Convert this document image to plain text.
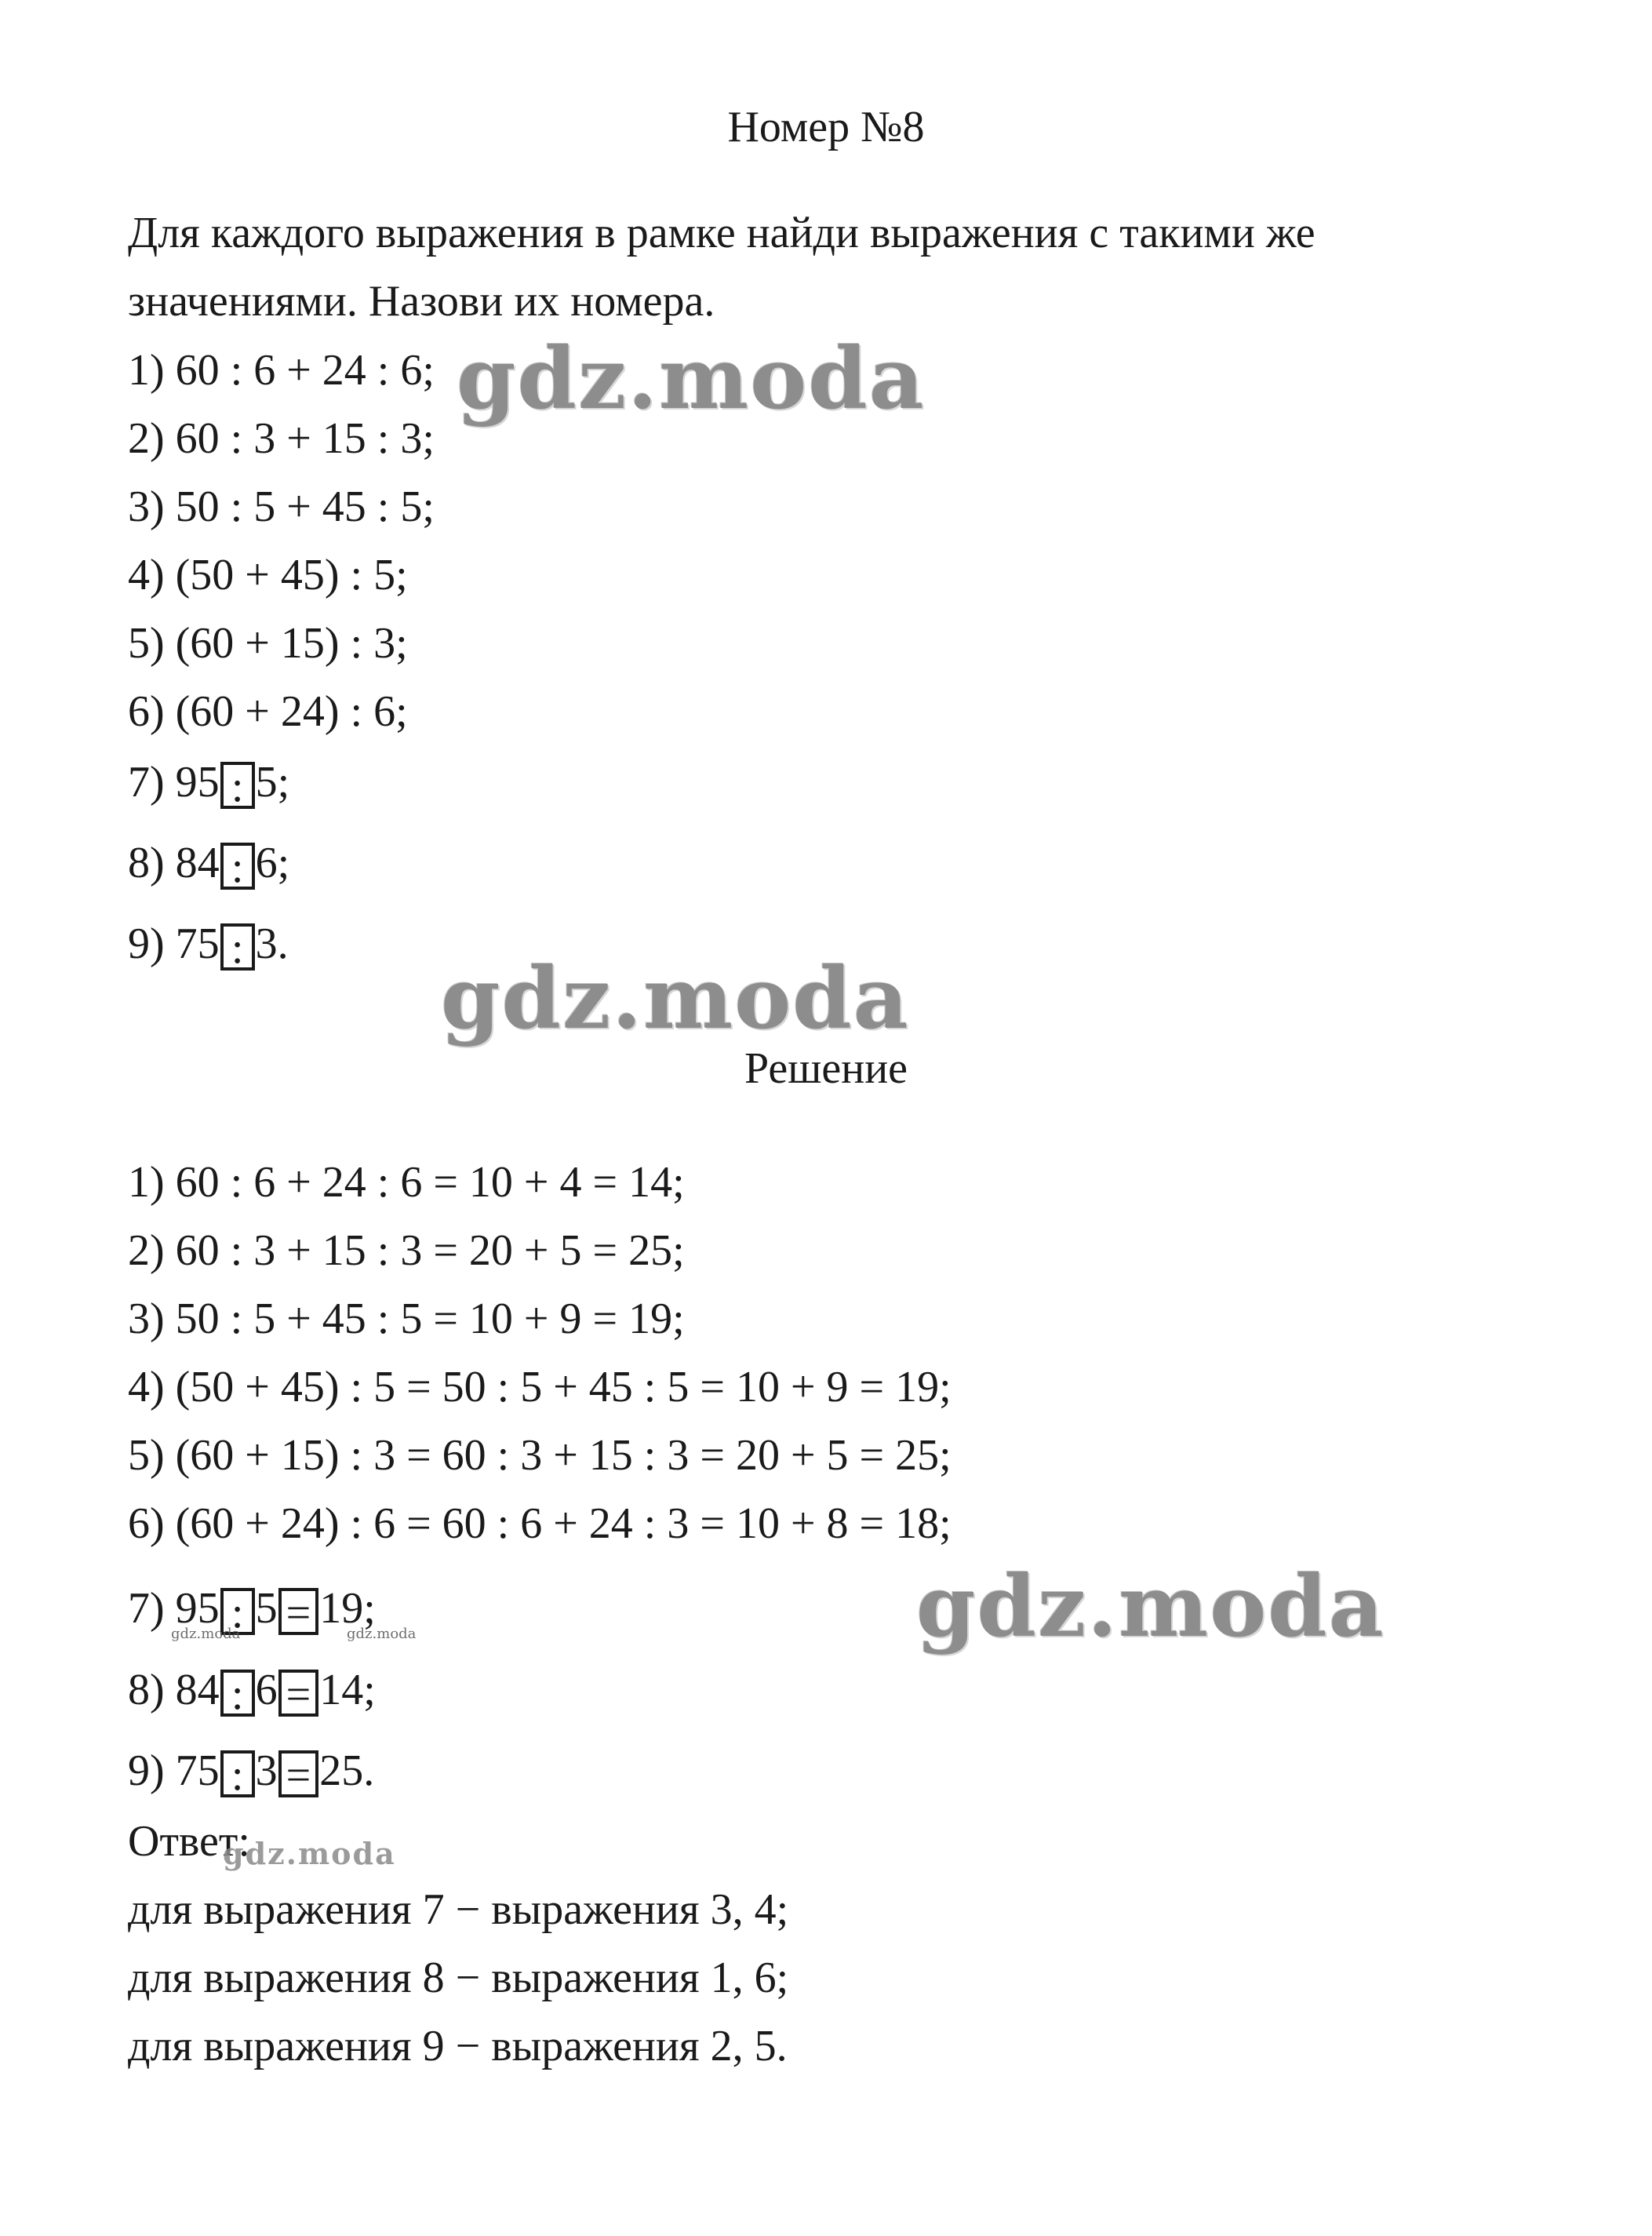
Номер №8
Для каждого выражения в рамке найди выражения с такими же
значениями. Назови их номера.
1) 60 : 6 + 24 : 6;
2) 60 : 3 + 15 : 3;
3) 50 : 5 + 45 : 5;
4) (50 + 45) : 5;
5) (60 + 15) : 3;
6) (60 + 24) : 6;
7) 95 : 5;
8) 84 : 6;
9) 75 : 3.
Решение
1) 60 : 6 + 24 : 6 = 10 + 4 = 14;
2) 60 : 3 + 15 : 3 = 20 + 5 = 25;
3) 50 : 5 + 45 : 5 = 10 + 9 = 19;
4) (50 + 45) : 5 = 50 : 5 + 45 : 5 = 10 + 9 = 19;
5) (60 + 15) : 3 = 60 : 3 + 15 : 3 = 20 + 5 = 25;
6) (60 + 24) : 6 = 60 : 6 + 24 : 3 = 10 + 8 = 18;
7) 95 : 5 = 19;
8) 84 : 6 = 14;
9) 75 : 3 = 25.
Ответ:
для выражения 7 − выражения 3, 4;
для выражения 8 − выражения 1, 6;
для выражения 9 − выражения 2, 5.
gdz.moda
gdz.moda
gdz.moda
gdz.moda
gdz.moda	gdz.moda
